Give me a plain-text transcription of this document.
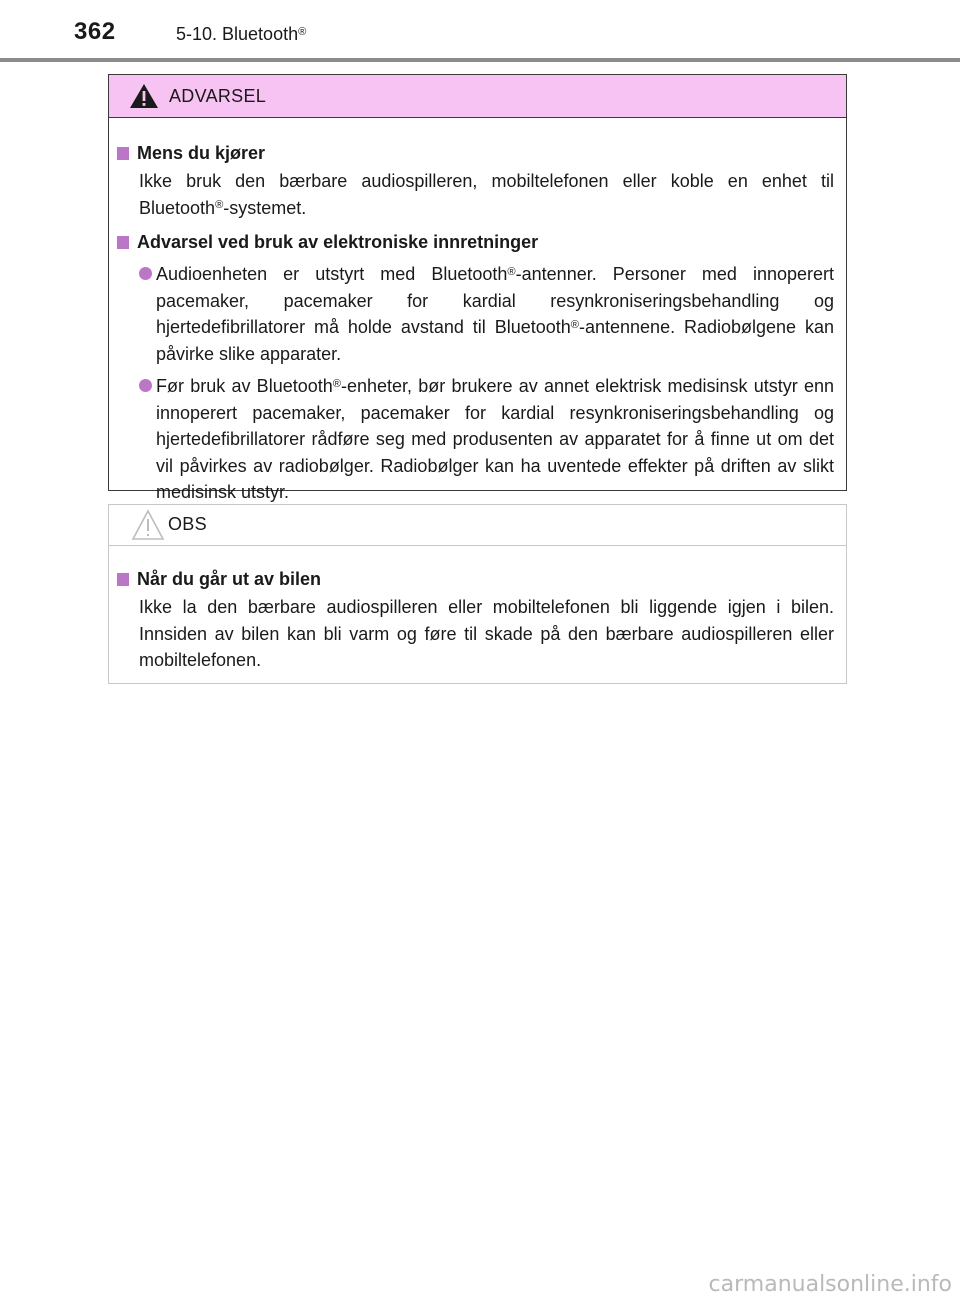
362	5-10. Bluetooth®
ADVARSEL
Mens du kjører

Ikke bruk den bærbare audiospilleren, mobiltelefonen eller koble en enhet til Bluetooth®-systemet.

Advarsel ved bruk av elektroniske innretninger

Audioenheten er utstyrt med Bluetooth®-antenner. Personer med innoperert pacemaker, pacemaker for kardial resynkroniseringsbehandling og hjertedefibrillatorer må holde avstand til Bluetooth®-antennene. Radiobølgene kan påvirke slike apparater.

Før bruk av Bluetooth®-enheter, bør brukere av annet elektrisk medisinsk utstyr enn innoperert pacemaker, pacemaker for kardial resynkroniseringsbehandling og hjertedefibrillatorer rådføre seg med produsenten av apparatet for å finne ut om det vil påvirkes av radiobølger. Radiobølger kan ha uventede effekter på driften av slikt medisinsk utstyr.

OBS
Når du går ut av bilen

Ikke la den bærbare audiospilleren eller mobiltelefonen bli liggende igjen i bilen. Innsiden av bilen kan bli varm og føre til skade på den bærbare audiospilleren eller mobiltelefonen.

carmanualsonline.info
